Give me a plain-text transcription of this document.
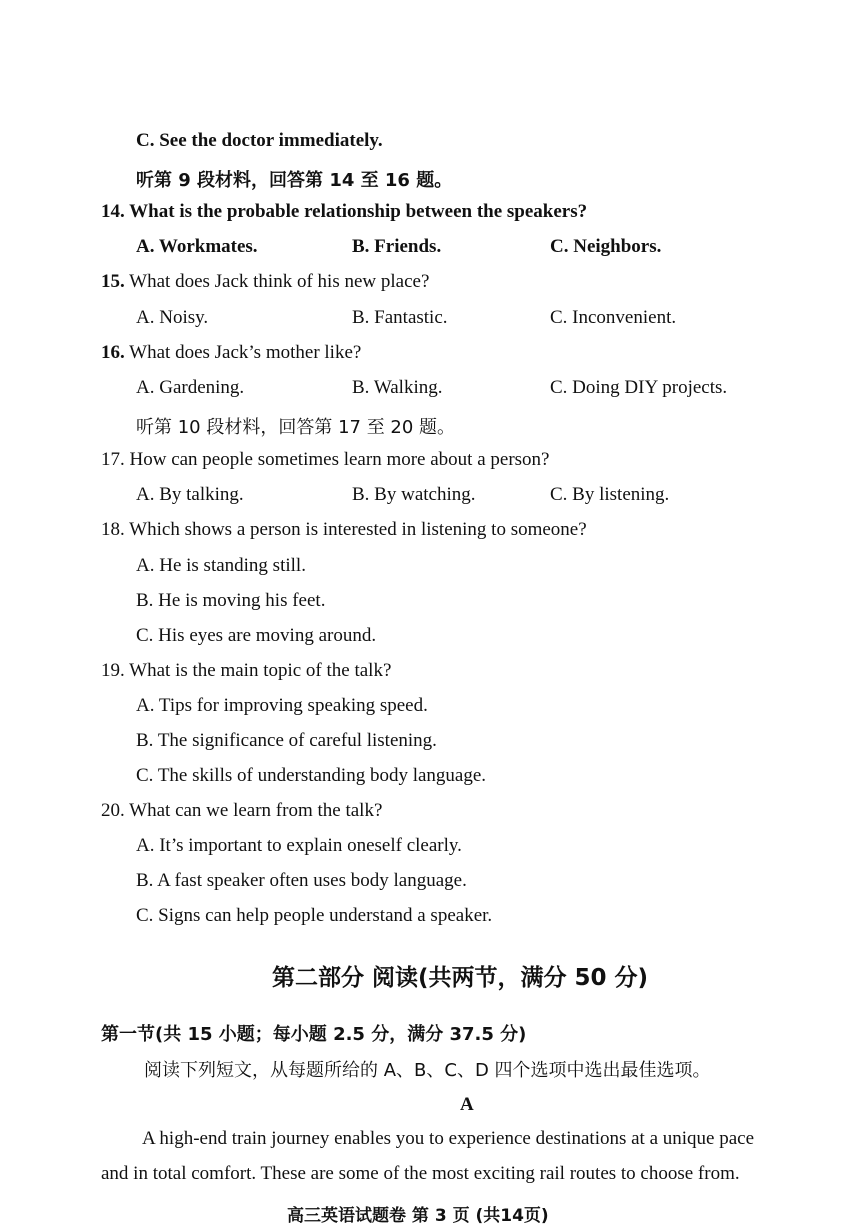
C. See the doctor immediately.
听第 9 段材料，回答第 14 至 16 题。
14. What is the probable relationship between the speakers?
A. Workmates.	B. Friends.	C. Neighbors.
15. What does Jack think of his new place?
A. Noisy.	B. Fantastic.	C. Inconvenient.
16. What does Jack’s mother like?
A. Gardening.	B. Walking.	C. Doing DIY projects.
听第 10 段材料，回答第 17 至 20 题。
17. How can people sometimes learn more about a person?
A. By talking.	B. By watching.	C. By listening.
18. Which shows a person is interested in listening to someone?
A. He is standing still.
B. He is moving his feet.
C. His eyes are moving around.
19. What is the main topic of the talk?
A. Tips for improving speaking speed.
B. The significance of careful listening.
C. The skills of understanding body language.
20. What can we learn from the talk?
A. It’s important to explain oneself clearly.
B. A fast speaker often uses body language.
C. Signs can help people understand a speaker.
第二部分 阅读(共两节，满分 50 分)
第一节(共 15 小题；每小题 2.5 分，满分 37.5 分)
阅读下列短文，从每题所给的 A、B、C、D 四个选项中选出最佳选项。
A
A high-end train journey enables you to experience destinations at a unique pace
and in total comfort. These are some of the most exciting rail routes to choose from.
高三英语试题卷 第 3 页 (共14页)
